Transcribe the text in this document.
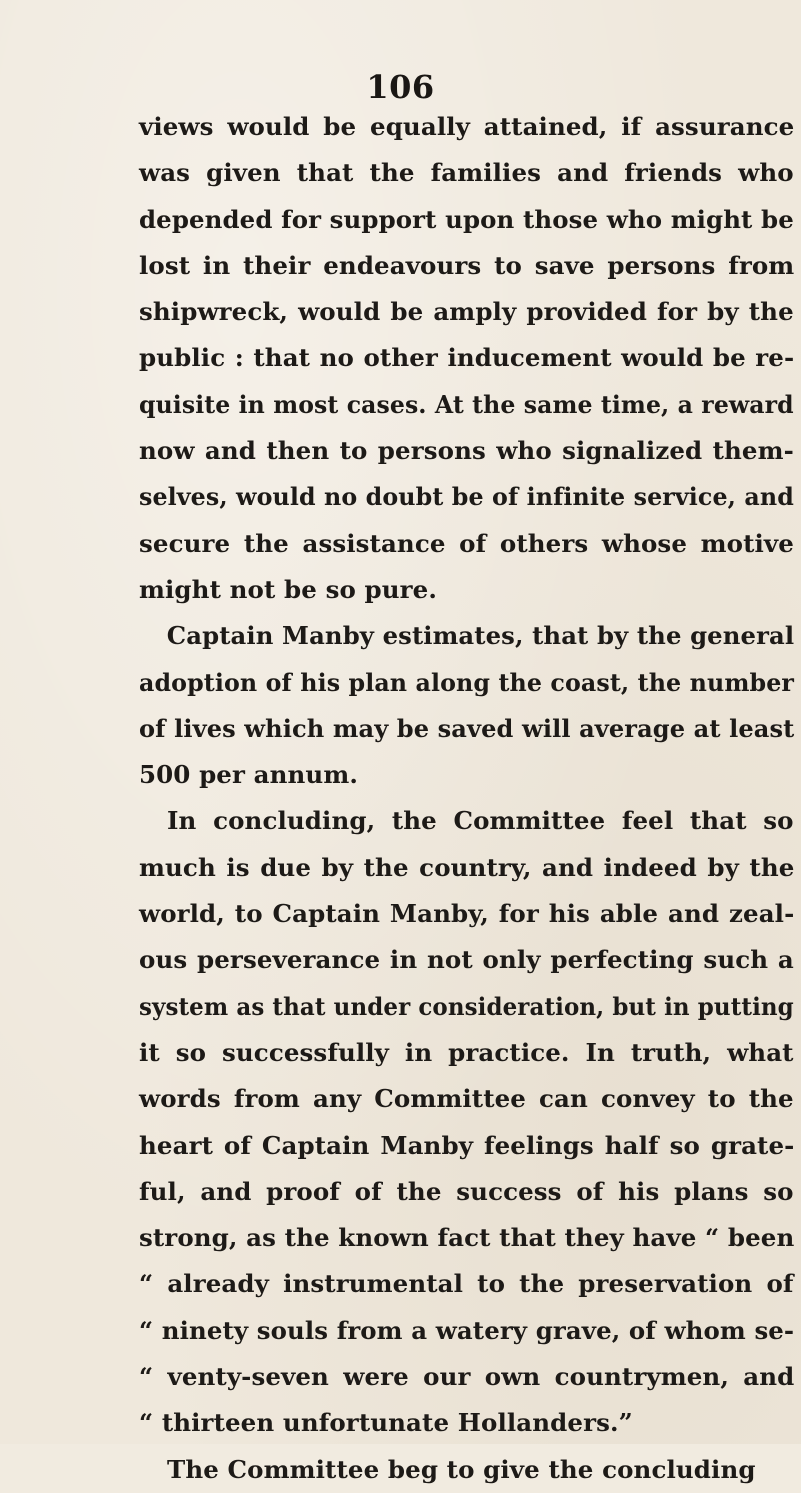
106
views would be equally attained, if assurance
was given that the families and friends who
depended for support upon those who might be
lost in their endeavours to save persons from
shipwreck, would be amply provided for by the
public : that no other inducement would be re-
quisite in most cases. At the same time, a reward
now and then to persons who signalized them-
selves, would no doubt be of infinite service, and
secure the assistance of others whose motive
might not be so pure.
Captain Manby estimates, that by the general
adoption of his plan along the coast, the number
of lives which may be saved will average at least
500 per annum.
In concluding, the Committee feel that so
much is due by the country, and indeed by the
world, to Captain Manby, for his able and zeal-
ous perseverance in not only perfecting such a
system as that under consideration, but in putting
it so successfully in practice. In truth, what
words from any Committee can convey to the
heart of Captain Manby feelings half so grate-
ful, and proof of the success of his plans so
strong, as the known fact that they have “ been
“ already instrumental to the preservation of
“ ninety souls from a watery grave, of whom se-
“ venty-seven were our own countrymen, and
“ thirteen unfortunate Hollanders.”
The Committee beg to give the concluding
